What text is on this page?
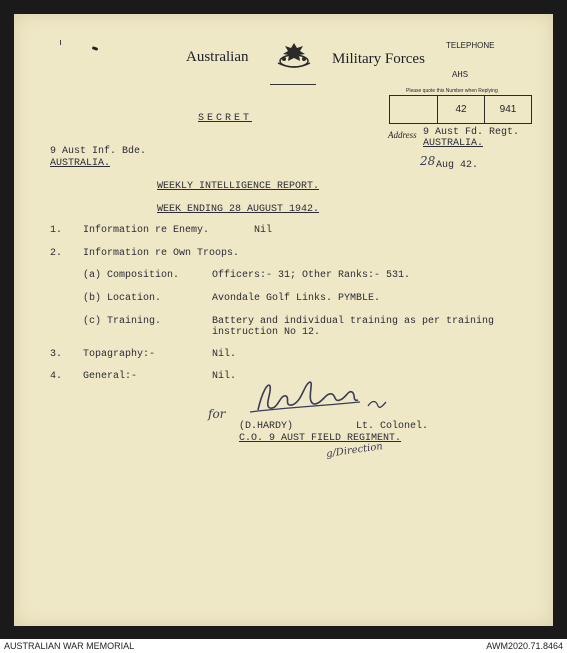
Australian	Military Forces
TELEPHONE
AHS
Please quote this Number when Replying
42	941
Address 9 Aust Fd. Regt.
AUSTRALIA.
SECRET
9 Aust Inf. Bde.
AUSTRALIA.	28 Aug 42.
WEEKLY INTELLIGENCE REPORT.
WEEK ENDING 28 AUGUST 1942.
1. Information re Enemy.	Nil
2. Information re Own Troops.
(a) Composition.	Officers:- 31; Other Ranks:- 531.
(b) Location.	Avondale Golf Links. PYMBLE.
(c) Training.	Battery and individual training as per training
instruction No 12.
3. Topagraphy:-	Nil.
4. General:-	Nil.
for
(D.HARDY)	Lt. Colonel.
C.O. 9 AUST FIELD REGIMENT.
g/Direction
AUSTRALIAN WAR MEMORIAL	AWM2020.71.8464
